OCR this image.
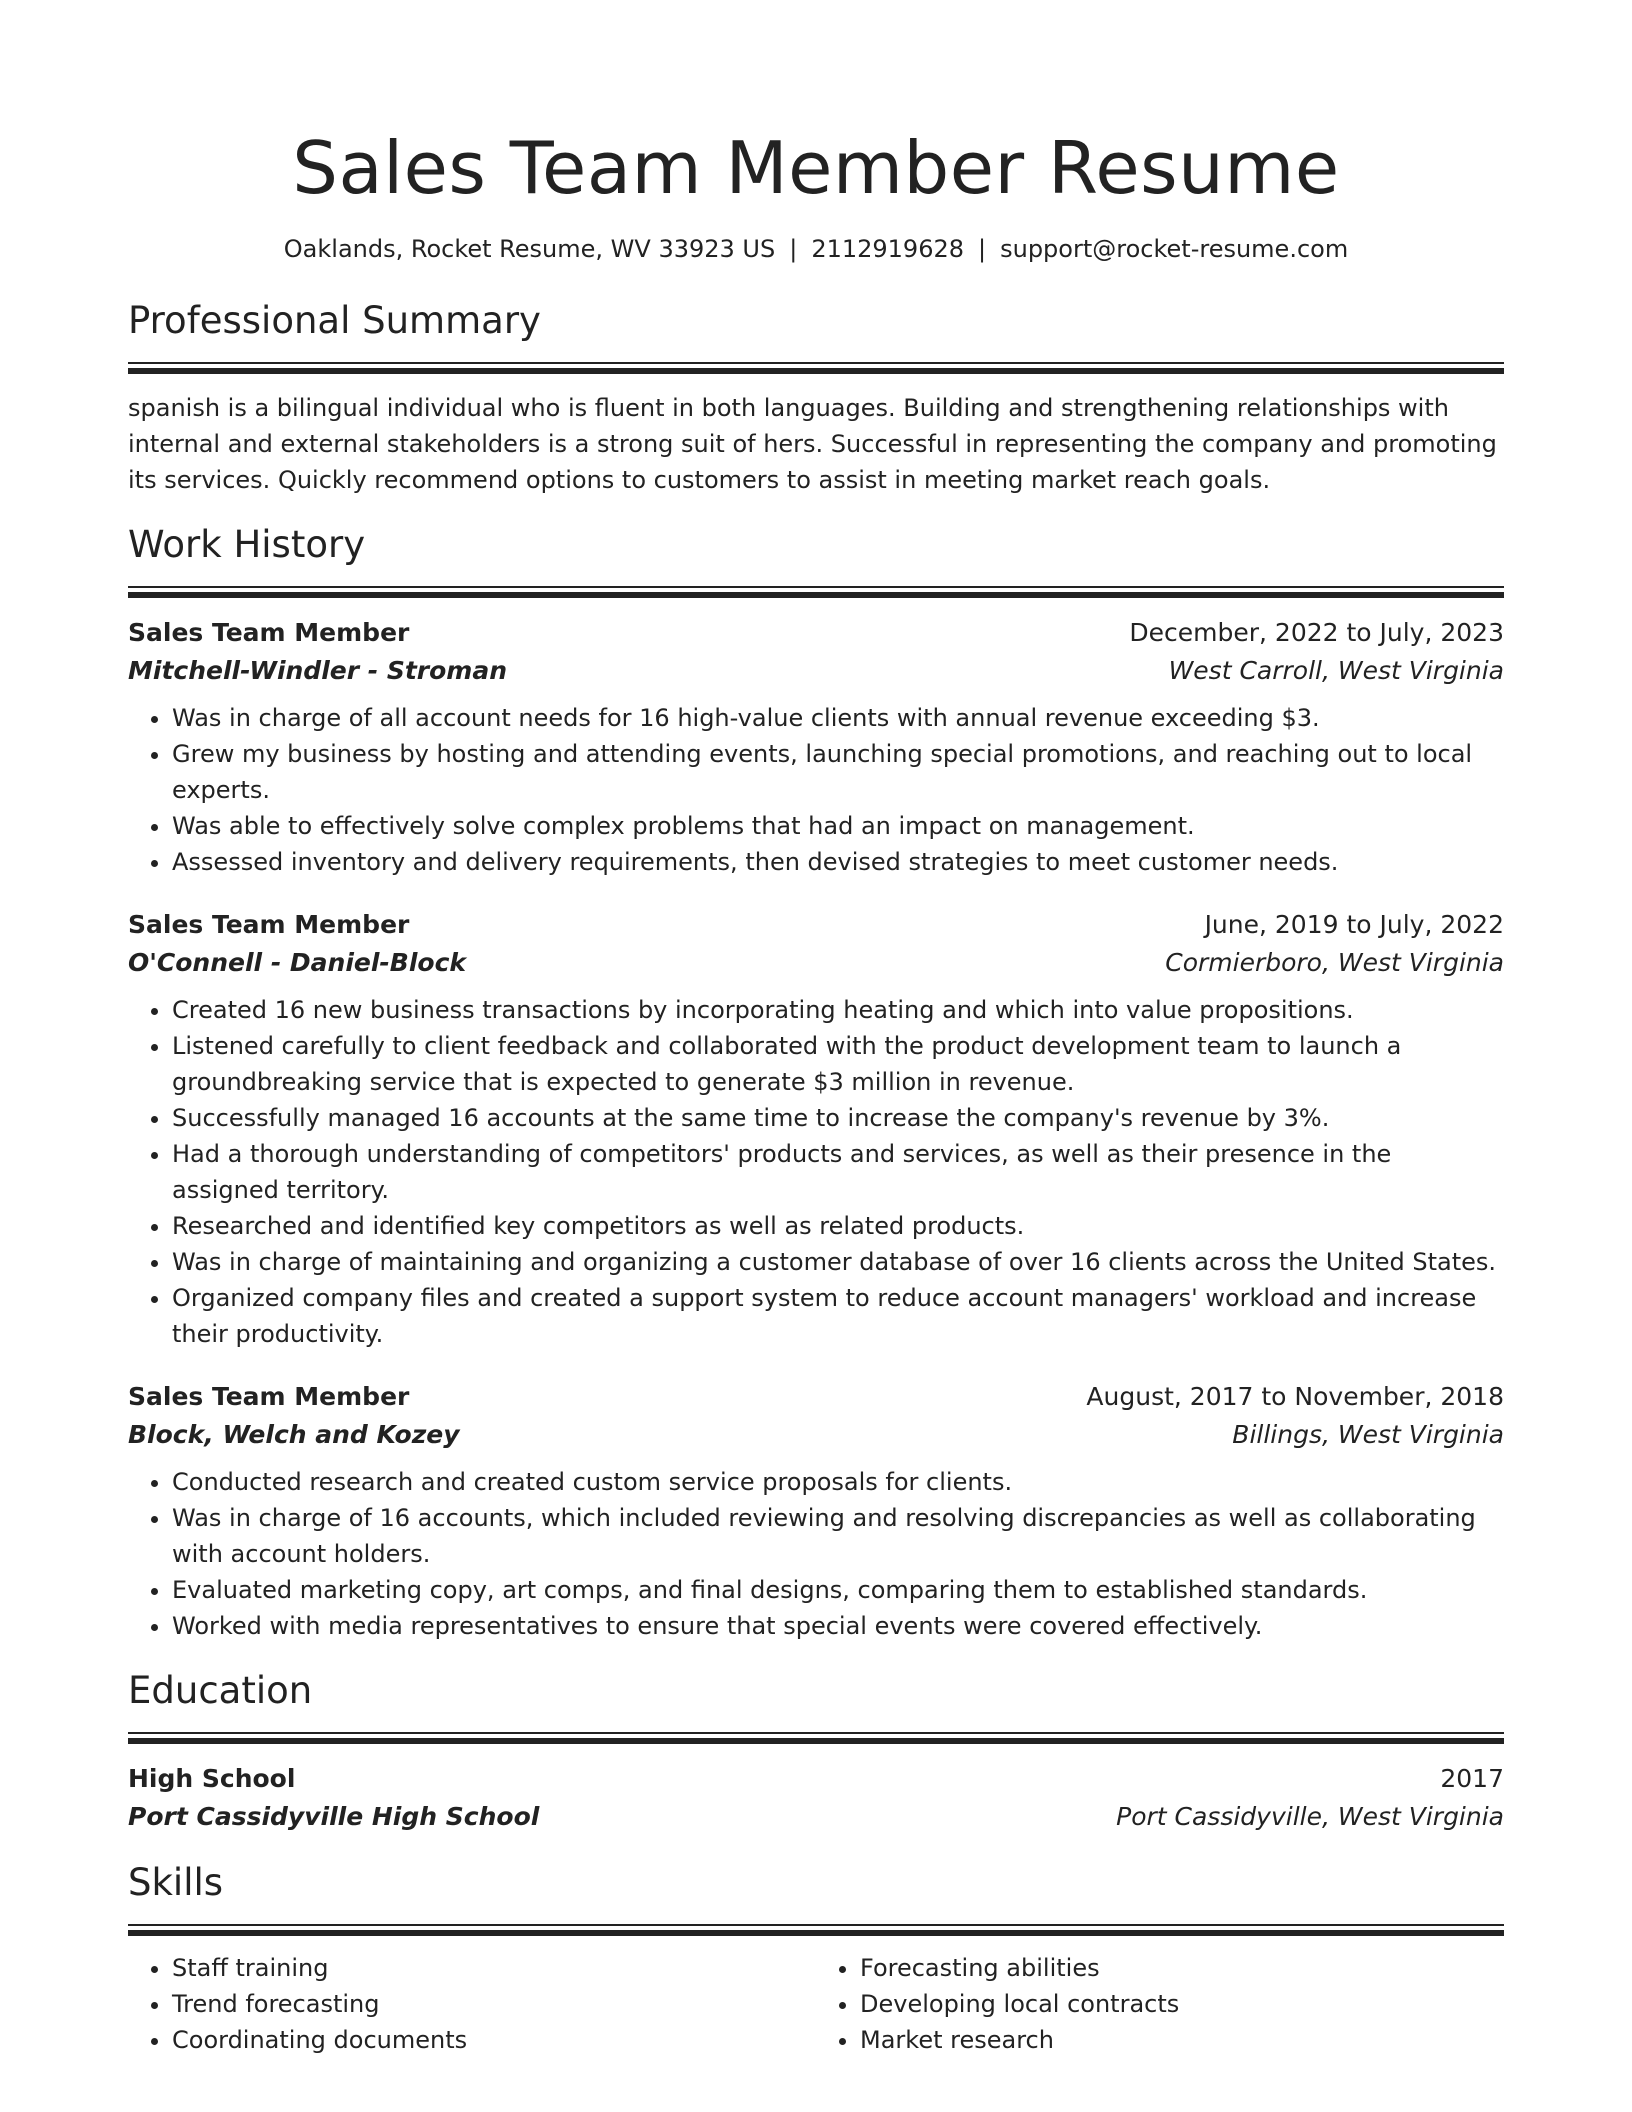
Sales Team Member Resume
Oaklands, Rocket Resume, WV 33923 US | 2112919628 | support@rocket-resume.com
Professional Summary

spanish is a bilingual individual who is fluent in both languages. Building and strengthening relationships with internal and external stakeholders is a strong suit of hers. Successful in representing the company and promoting its services. Quickly recommend options to customers to assist in meeting market reach goals.

Work History
Sales Team Member	December, 2022 to July, 2023
Mitchell-Windler - Stroman	West Carroll, West Virginia
• Was in charge of all account needs for 16 high-value clients with annual revenue exceeding $3.
• Grew my business by hosting and attending events, launching special promotions, and reaching out to local experts.
• Was able to effectively solve complex problems that had an impact on management.
• Assessed inventory and delivery requirements, then devised strategies to meet customer needs.
Sales Team Member	June, 2019 to July, 2022
O'Connell - Daniel-Block	Cormierboro, West Virginia
• Created 16 new business transactions by incorporating heating and which into value propositions.
• Listened carefully to client feedback and collaborated with the product development team to launch a groundbreaking service that is expected to generate $3 million in revenue.
• Successfully managed 16 accounts at the same time to increase the company's revenue by 3%.
• Had a thorough understanding of competitors' products and services, as well as their presence in the assigned territory.
• Researched and identified key competitors as well as related products.
• Was in charge of maintaining and organizing a customer database of over 16 clients across the United States.
• Organized company files and created a support system to reduce account managers' workload and increase their productivity.
Sales Team Member	August, 2017 to November, 2018
Block, Welch and Kozey	Billings, West Virginia
• Conducted research and created custom service proposals for clients.
• Was in charge of 16 accounts, which included reviewing and resolving discrepancies as well as collaborating with account holders.
• Evaluated marketing copy, art comps, and final designs, comparing them to established standards.
• Worked with media representatives to ensure that special events were covered effectively.
Education
High School	2017
Port Cassidyville High School	Port Cassidyville, West Virginia
Skills
• Staff training
• Trend forecasting
• Coordinating documents
• Forecasting abilities
• Developing local contracts
• Market research
